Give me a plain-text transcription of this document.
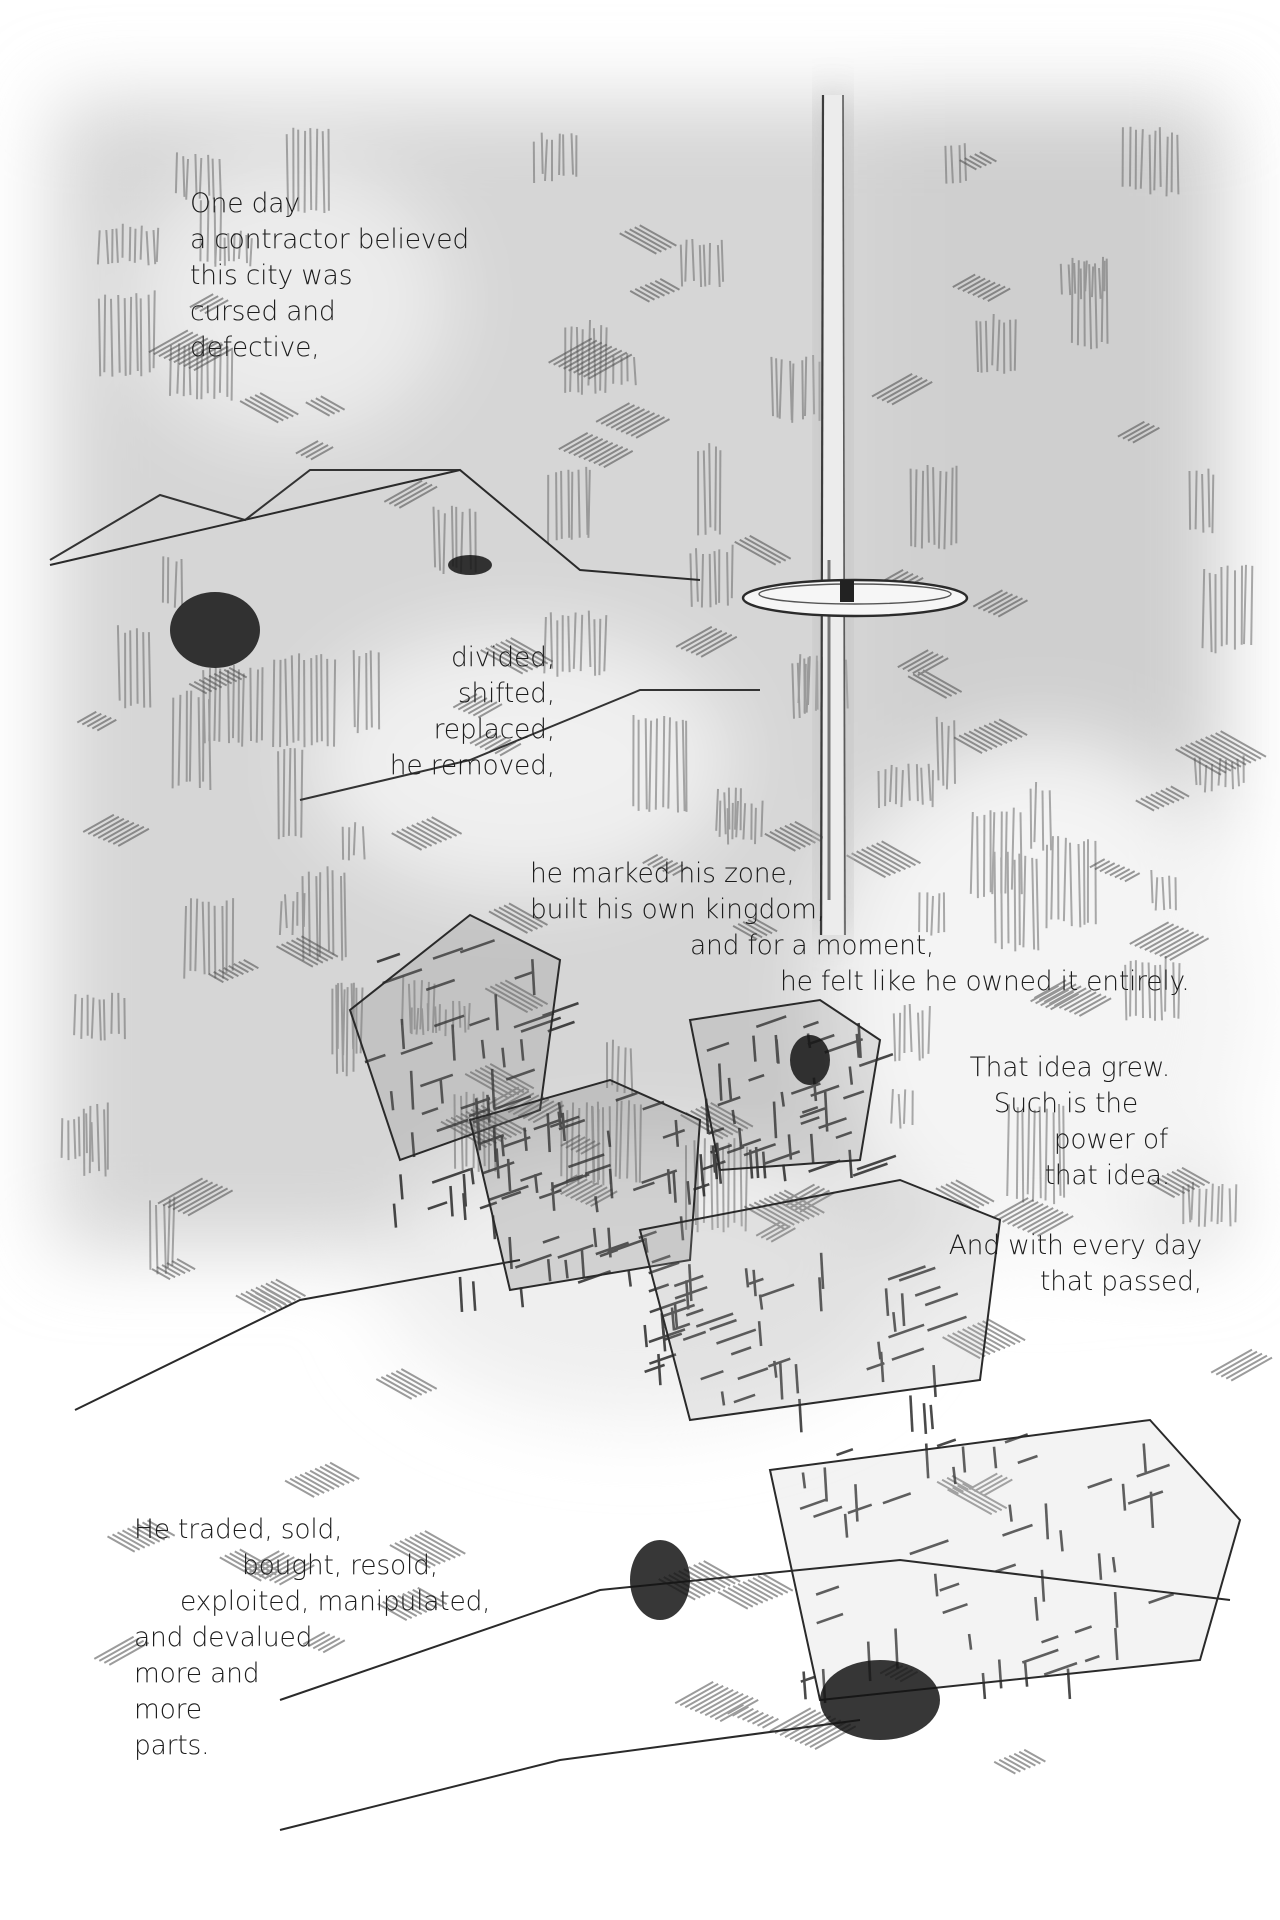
One day
a contractor believed
this city was
cursed and
defective,
divided,
shifted,
replaced,
he removed,
he marked his zone,
built his own kingdom,
and for a moment,
he felt like he owned it entirely.
That idea grew.
Such is the
power of
that idea.
And with every day
that passed,
He traded, sold,
bought, resold,
exploited, manipulated,
and devalued
more and
more
parts.
